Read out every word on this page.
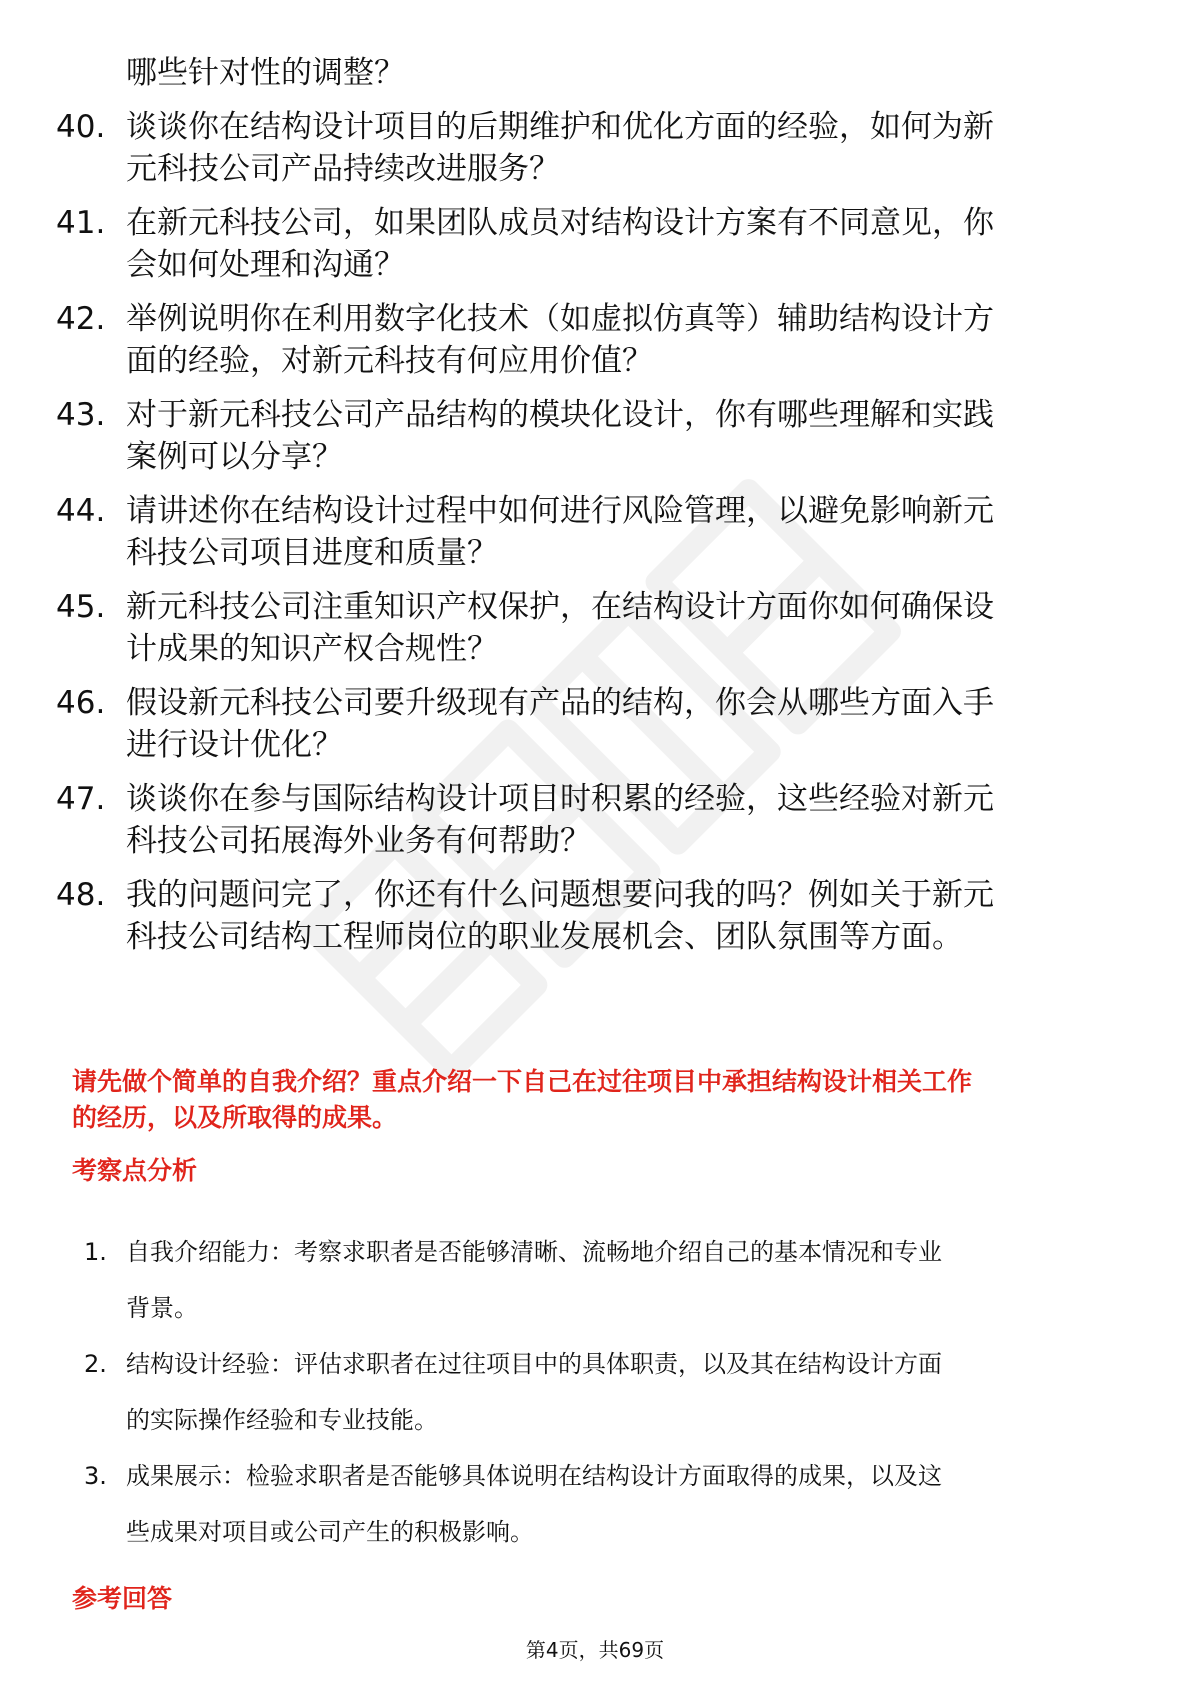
哪些针对性的调整？
40. 谈谈你在结构设计项目的后期维护和优化方面的经验，如何为新
元科技公司产品持续改进服务？
41. 在新元科技公司，如果团队成员对结构设计方案有不同意见，你
会如何处理和沟通？
42. 举例说明你在利用数字化技术（如虚拟仿真等）辅助结构设计方
面的经验，对新元科技有何应用价值？
43. 对于新元科技公司产品结构的模块化设计，你有哪些理解和实践
案例可以分享？
44. 请讲述你在结构设计过程中如何进行风险管理，以避免影响新元
科技公司项目进度和质量？
45. 新元科技公司注重知识产权保护，在结构设计方面你如何确保设
计成果的知识产权合规性？
46. 假设新元科技公司要升级现有产品的结构，你会从哪些方面入手
进行设计优化？
47. 谈谈你在参与国际结构设计项目时积累的经验，这些经验对新元
科技公司拓展海外业务有何帮助？
48. 我的问题问完了，你还有什么问题想要问我的吗？例如关于新元
科技公司结构工程师岗位的职业发展机会、团队氛围等方面。
请先做个简单的自我介绍？重点介绍一下自己在过往项目中承担结构设计相关工作
的经历，以及所取得的成果。
考察点分析
1. 自我介绍能力：考察求职者是否能够清晰、流畅地介绍自己的基本情况和专业
背景。
2. 结构设计经验：评估求职者在过往项目中的具体职责，以及其在结构设计方面
的实际操作经验和专业技能。
3. 成果展示：检验求职者是否能够具体说明在结构设计方面取得的成果，以及这
些成果对项目或公司产生的积极影响。
参考回答
第4页，共69页
